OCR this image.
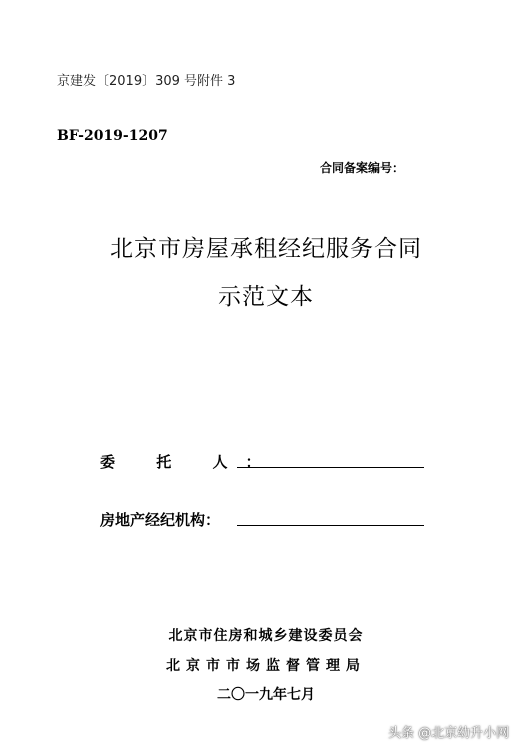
京建发〔2019〕309 号附件 3
BF-2019-1207
合同备案编号：
北京市房屋承租经纪服务合同
示范文本
委 托 人：
房地产经纪机构：
北京市住房和城乡建设委员会
北京市市场监督管理局
二〇一九年七月
头条 @北京幼升小网
